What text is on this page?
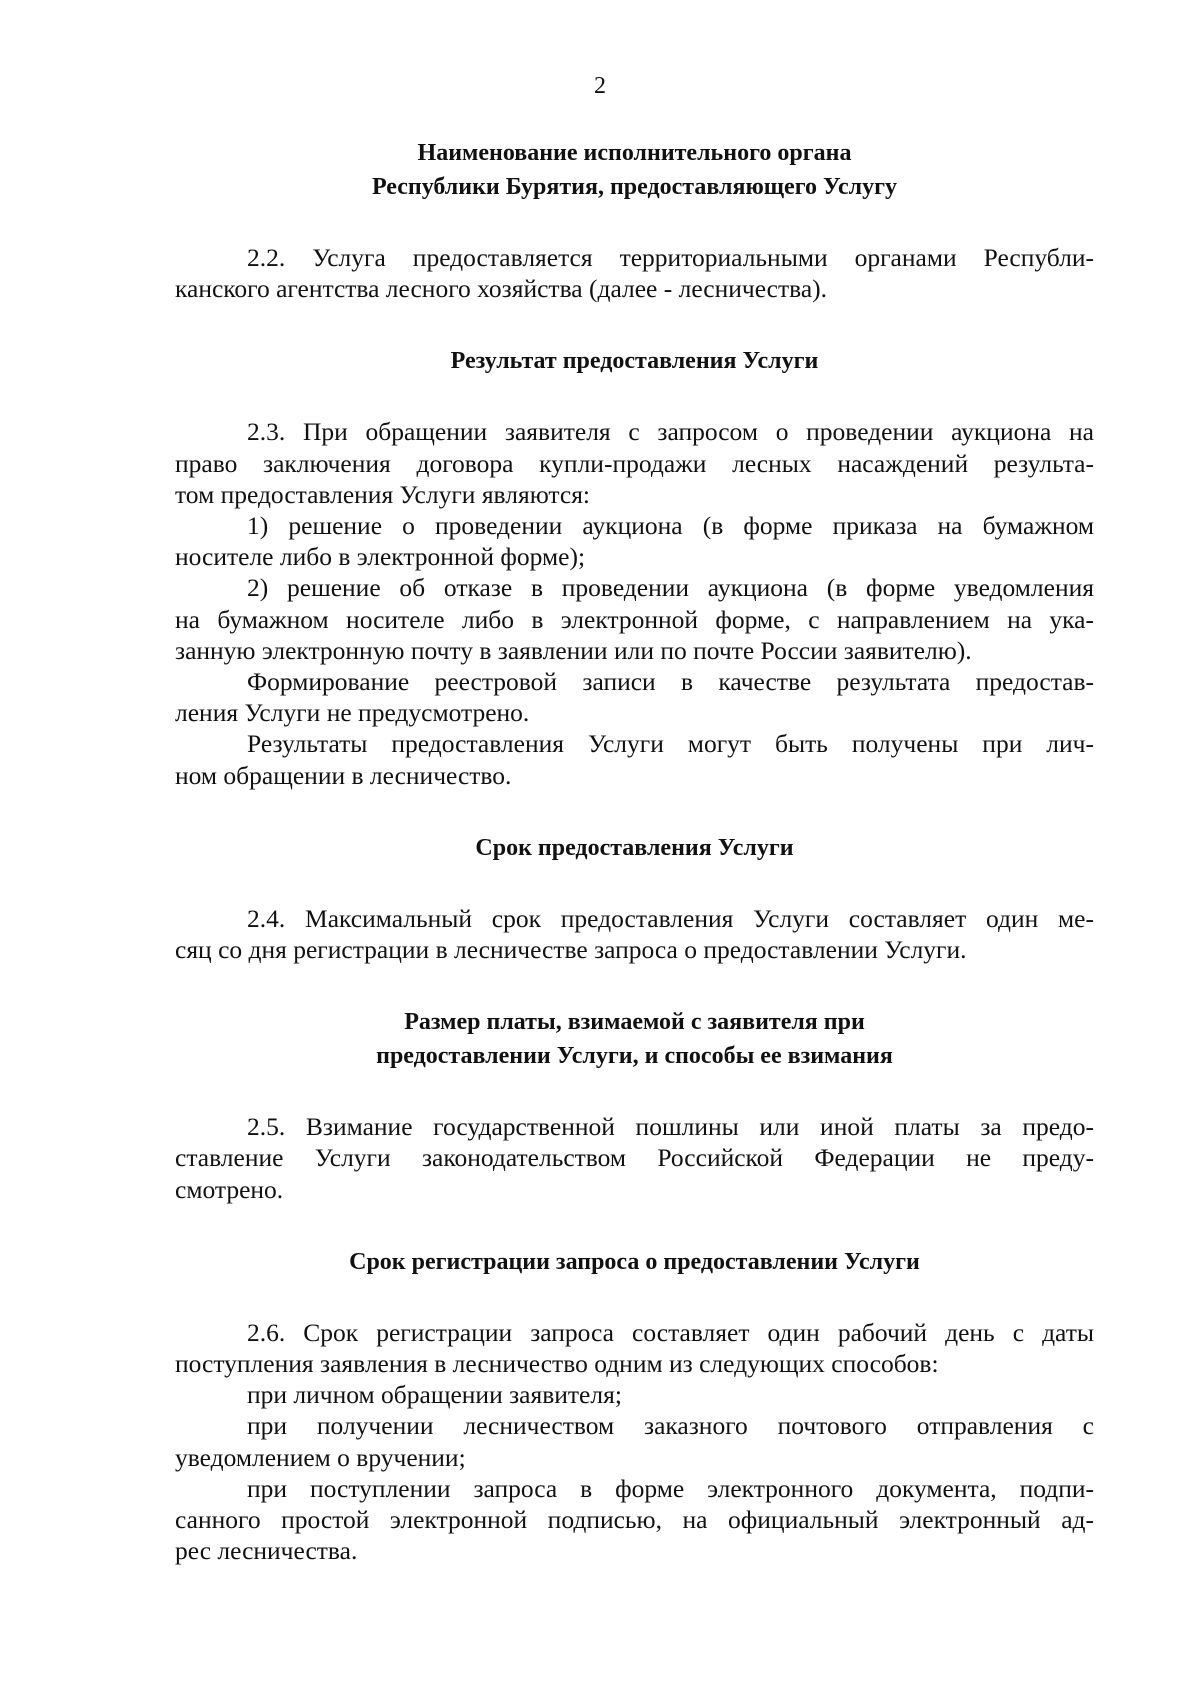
2
Наименование исполнительного органа
Республики Бурятия, предоставляющего Услугу
2.2. Услуга предоставляется территориальными органами Республи-
канского агентства лесного хозяйства (далее - лесничества).
Результат предоставления Услуги
2.3. При обращении заявителя с запросом о проведении аукциона на
право заключения договора купли-продажи лесных насаждений результа-
том предоставления Услуги являются:
1) решение о проведении аукциона (в форме приказа на бумажном
носителе либо в электронной форме);
2) решение об отказе в проведении аукциона (в форме уведомления
на бумажном носителе либо в электронной форме, с направлением на ука-
занную электронную почту в заявлении или по почте России заявителю).
Формирование реестровой записи в качестве результата предостав-
ления Услуги не предусмотрено.
Результаты предоставления Услуги могут быть получены при лич-
ном обращении в лесничество.
Срок предоставления Услуги
2.4. Максимальный срок предоставления Услуги составляет один ме-
сяц со дня регистрации в лесничестве запроса о предоставлении Услуги.
Размер платы, взимаемой с заявителя при
предоставлении Услуги, и способы ее взимания
2.5. Взимание государственной пошлины или иной платы за предо-
ставление Услуги законодательством Российской Федерации не преду-
смотрено.
Срок регистрации запроса о предоставлении Услуги
2.6. Срок регистрации запроса составляет один рабочий день с даты
поступления заявления в лесничество одним из следующих способов:
при личном обращении заявителя;
при получении лесничеством заказного почтового отправления с
уведомлением о вручении;
при поступлении запроса в форме электронного документа, подпи-
санного простой электронной подписью, на официальный электронный ад-
рес лесничества.
